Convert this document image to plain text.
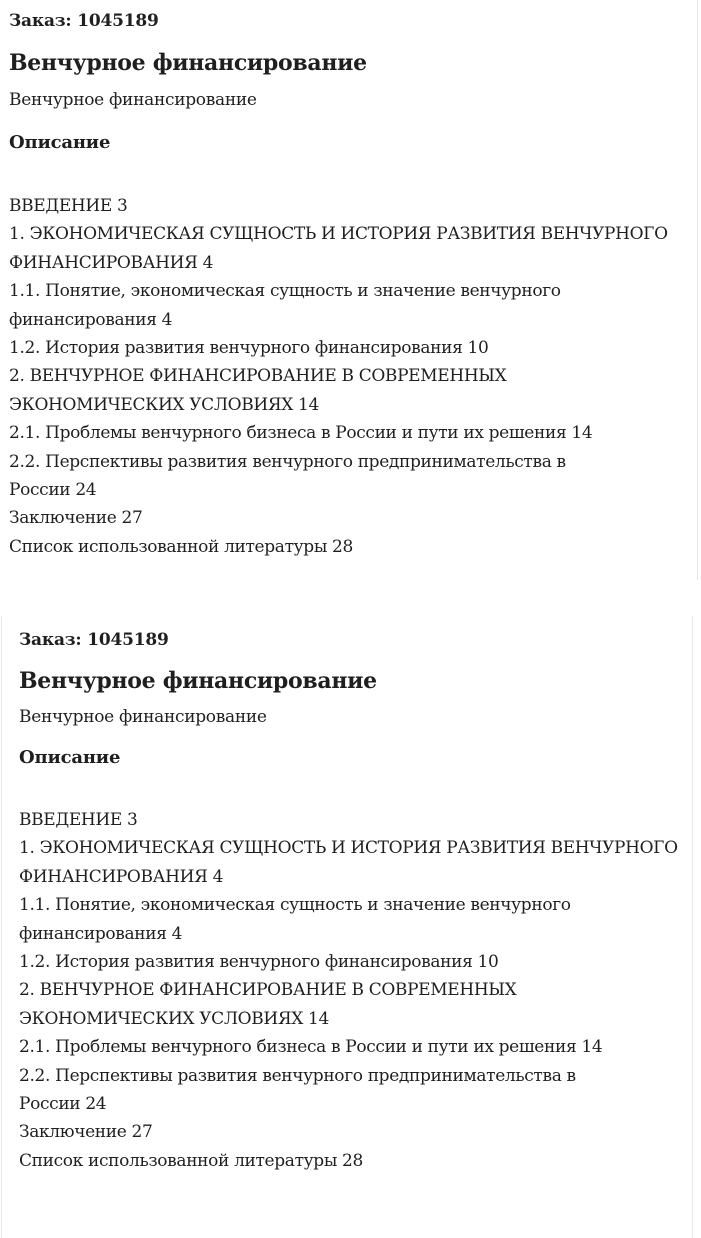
Заказ: 1045189
Венчурное финансирование
Венчурное финансирование
Описание
ВВЕДЕНИЕ 3
1. ЭКОНОМИЧЕСКАЯ СУЩНОСТЬ И ИСТОРИЯ РАЗВИТИЯ ВЕНЧУРНОГО
ФИНАНСИРОВАНИЯ 4
1.1. Понятие, экономическая сущность и значение венчурного
финансирования 4
1.2. История развития венчурного финансирования 10
2. ВЕНЧУРНОЕ ФИНАНСИРОВАНИЕ В СОВРЕМЕННЫХ
ЭКОНОМИЧЕСКИХ УСЛОВИЯХ 14
2.1. Проблемы венчурного бизнеса в России и пути их решения 14
2.2. Перспективы развития венчурного предпринимательства в
России 24
Заключение 27
Список использованной литературы 28
Заказ: 1045189
Венчурное финансирование
Венчурное финансирование
Описание
ВВЕДЕНИЕ 3
1. ЭКОНОМИЧЕСКАЯ СУЩНОСТЬ И ИСТОРИЯ РАЗВИТИЯ ВЕНЧУРНОГО
ФИНАНСИРОВАНИЯ 4
1.1. Понятие, экономическая сущность и значение венчурного
финансирования 4
1.2. История развития венчурного финансирования 10
2. ВЕНЧУРНОЕ ФИНАНСИРОВАНИЕ В СОВРЕМЕННЫХ
ЭКОНОМИЧЕСКИХ УСЛОВИЯХ 14
2.1. Проблемы венчурного бизнеса в России и пути их решения 14
2.2. Перспективы развития венчурного предпринимательства в
России 24
Заключение 27
Список использованной литературы 28
